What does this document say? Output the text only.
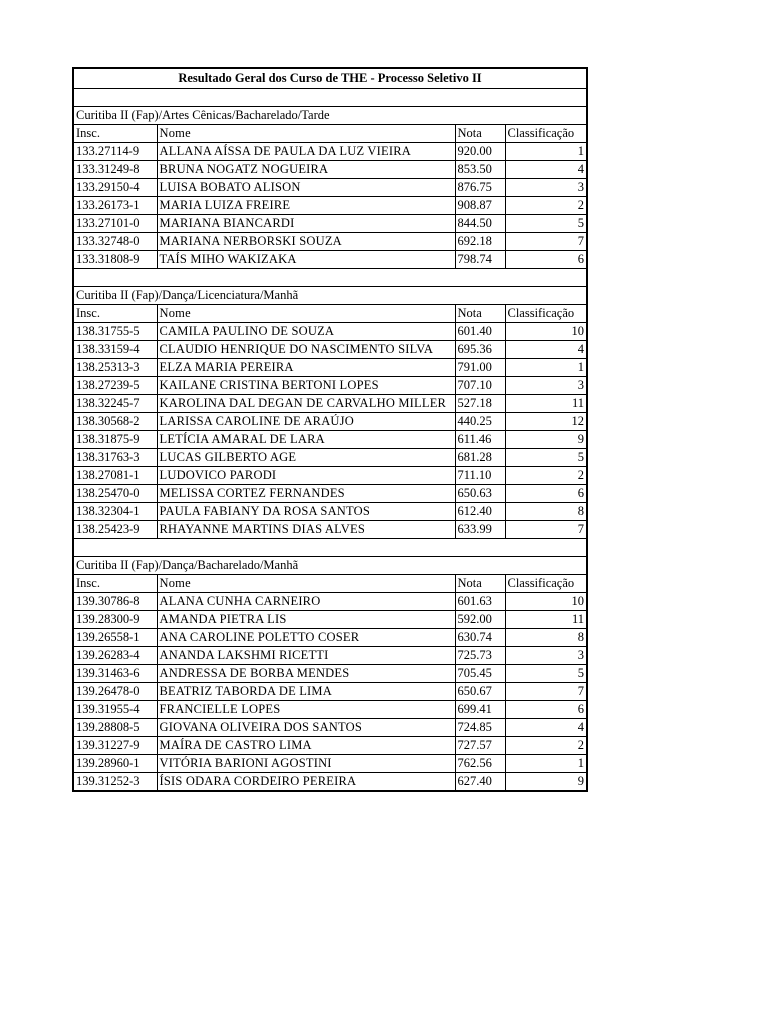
Resultado Geral dos Curso de THE - Processo Seletivo II
Curitiba II (Fap)/Artes Cênicas/Bacharelado/Tarde
Insc.	Nome	Nota	Classificação
133.27114-9	ALLANA AÍSSA DE PAULA DA LUZ VIEIRA	920.00	1
133.31249-8	BRUNA NOGATZ NOGUEIRA	853.50	4
133.29150-4	LUISA BOBATO ALISON	876.75	3
133.26173-1	MARIA LUIZA FREIRE	908.87	2
133.27101-0	MARIANA BIANCARDI	844.50	5
133.32748-0	MARIANA NERBORSKI SOUZA	692.18	7
133.31808-9	TAÍS MIHO WAKIZAKA	798.74	6
Curitiba II (Fap)/Dança/Licenciatura/Manhã
Insc.	Nome	Nota	Classificação
138.31755-5	CAMILA PAULINO DE SOUZA	601.40	10
138.33159-4	CLAUDIO HENRIQUE DO NASCIMENTO SILVA	695.36	4
138.25313-3	ELZA MARIA PEREIRA	791.00	1
138.27239-5	KAILANE CRISTINA BERTONI LOPES	707.10	3
138.32245-7	KAROLINA DAL DEGAN DE CARVALHO MILLER	527.18	11
138.30568-2	LARISSA CAROLINE DE ARAÚJO	440.25	12
138.31875-9	LETÍCIA AMARAL DE LARA	611.46	9
138.31763-3	LUCAS GILBERTO AGE	681.28	5
138.27081-1	LUDOVICO PARODI	711.10	2
138.25470-0	MELISSA CORTEZ FERNANDES	650.63	6
138.32304-1	PAULA FABIANY DA ROSA SANTOS	612.40	8
138.25423-9	RHAYANNE MARTINS DIAS ALVES	633.99	7
Curitiba II (Fap)/Dança/Bacharelado/Manhã
Insc.	Nome	Nota	Classificação
139.30786-8	ALANA CUNHA CARNEIRO	601.63	10
139.28300-9	AMANDA PIETRA LIS	592.00	11
139.26558-1	ANA CAROLINE POLETTO COSER	630.74	8
139.26283-4	ANANDA LAKSHMI RICETTI	725.73	3
139.31463-6	ANDRESSA DE BORBA MENDES	705.45	5
139.26478-0	BEATRIZ TABORDA DE LIMA	650.67	7
139.31955-4	FRANCIELLE LOPES	699.41	6
139.28808-5	GIOVANA OLIVEIRA DOS SANTOS	724.85	4
139.31227-9	MAÍRA DE CASTRO LIMA	727.57	2
139.28960-1	VITÓRIA BARIONI AGOSTINI	762.56	1
139.31252-3	ÍSIS ODARA CORDEIRO PEREIRA	627.40	9
